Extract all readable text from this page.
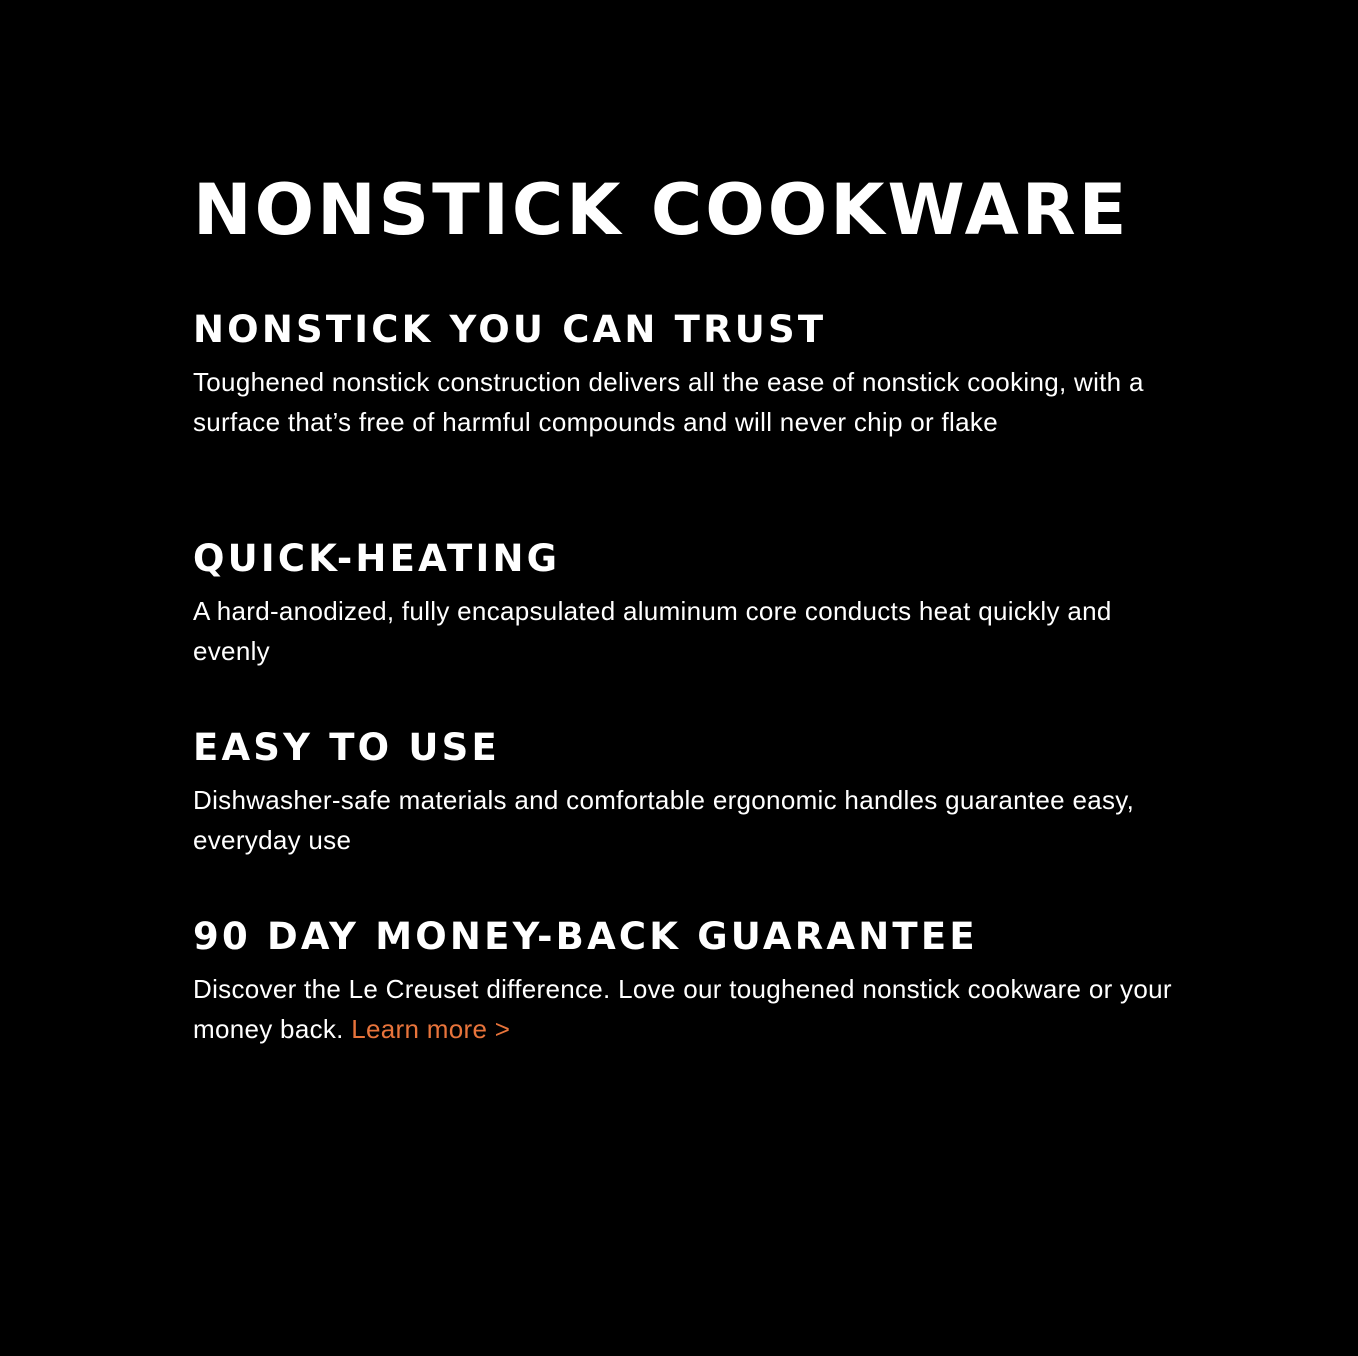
NONSTICK COOKWARE
NONSTICK YOU CAN TRUST

Toughened nonstick construction delivers all the ease of nonstick cooking, with a surface that’s free of harmful compounds and will never chip or flake

QUICK-HEATING

A hard-anodized, fully encapsulated aluminum core conducts heat quickly and evenly

EASY TO USE

Dishwasher-safe materials and comfortable ergonomic handles guarantee easy, everyday use

90 DAY MONEY-BACK GUARANTEE

Discover the Le Creuset difference. Love our toughened nonstick cookware or your money back. Learn more >
